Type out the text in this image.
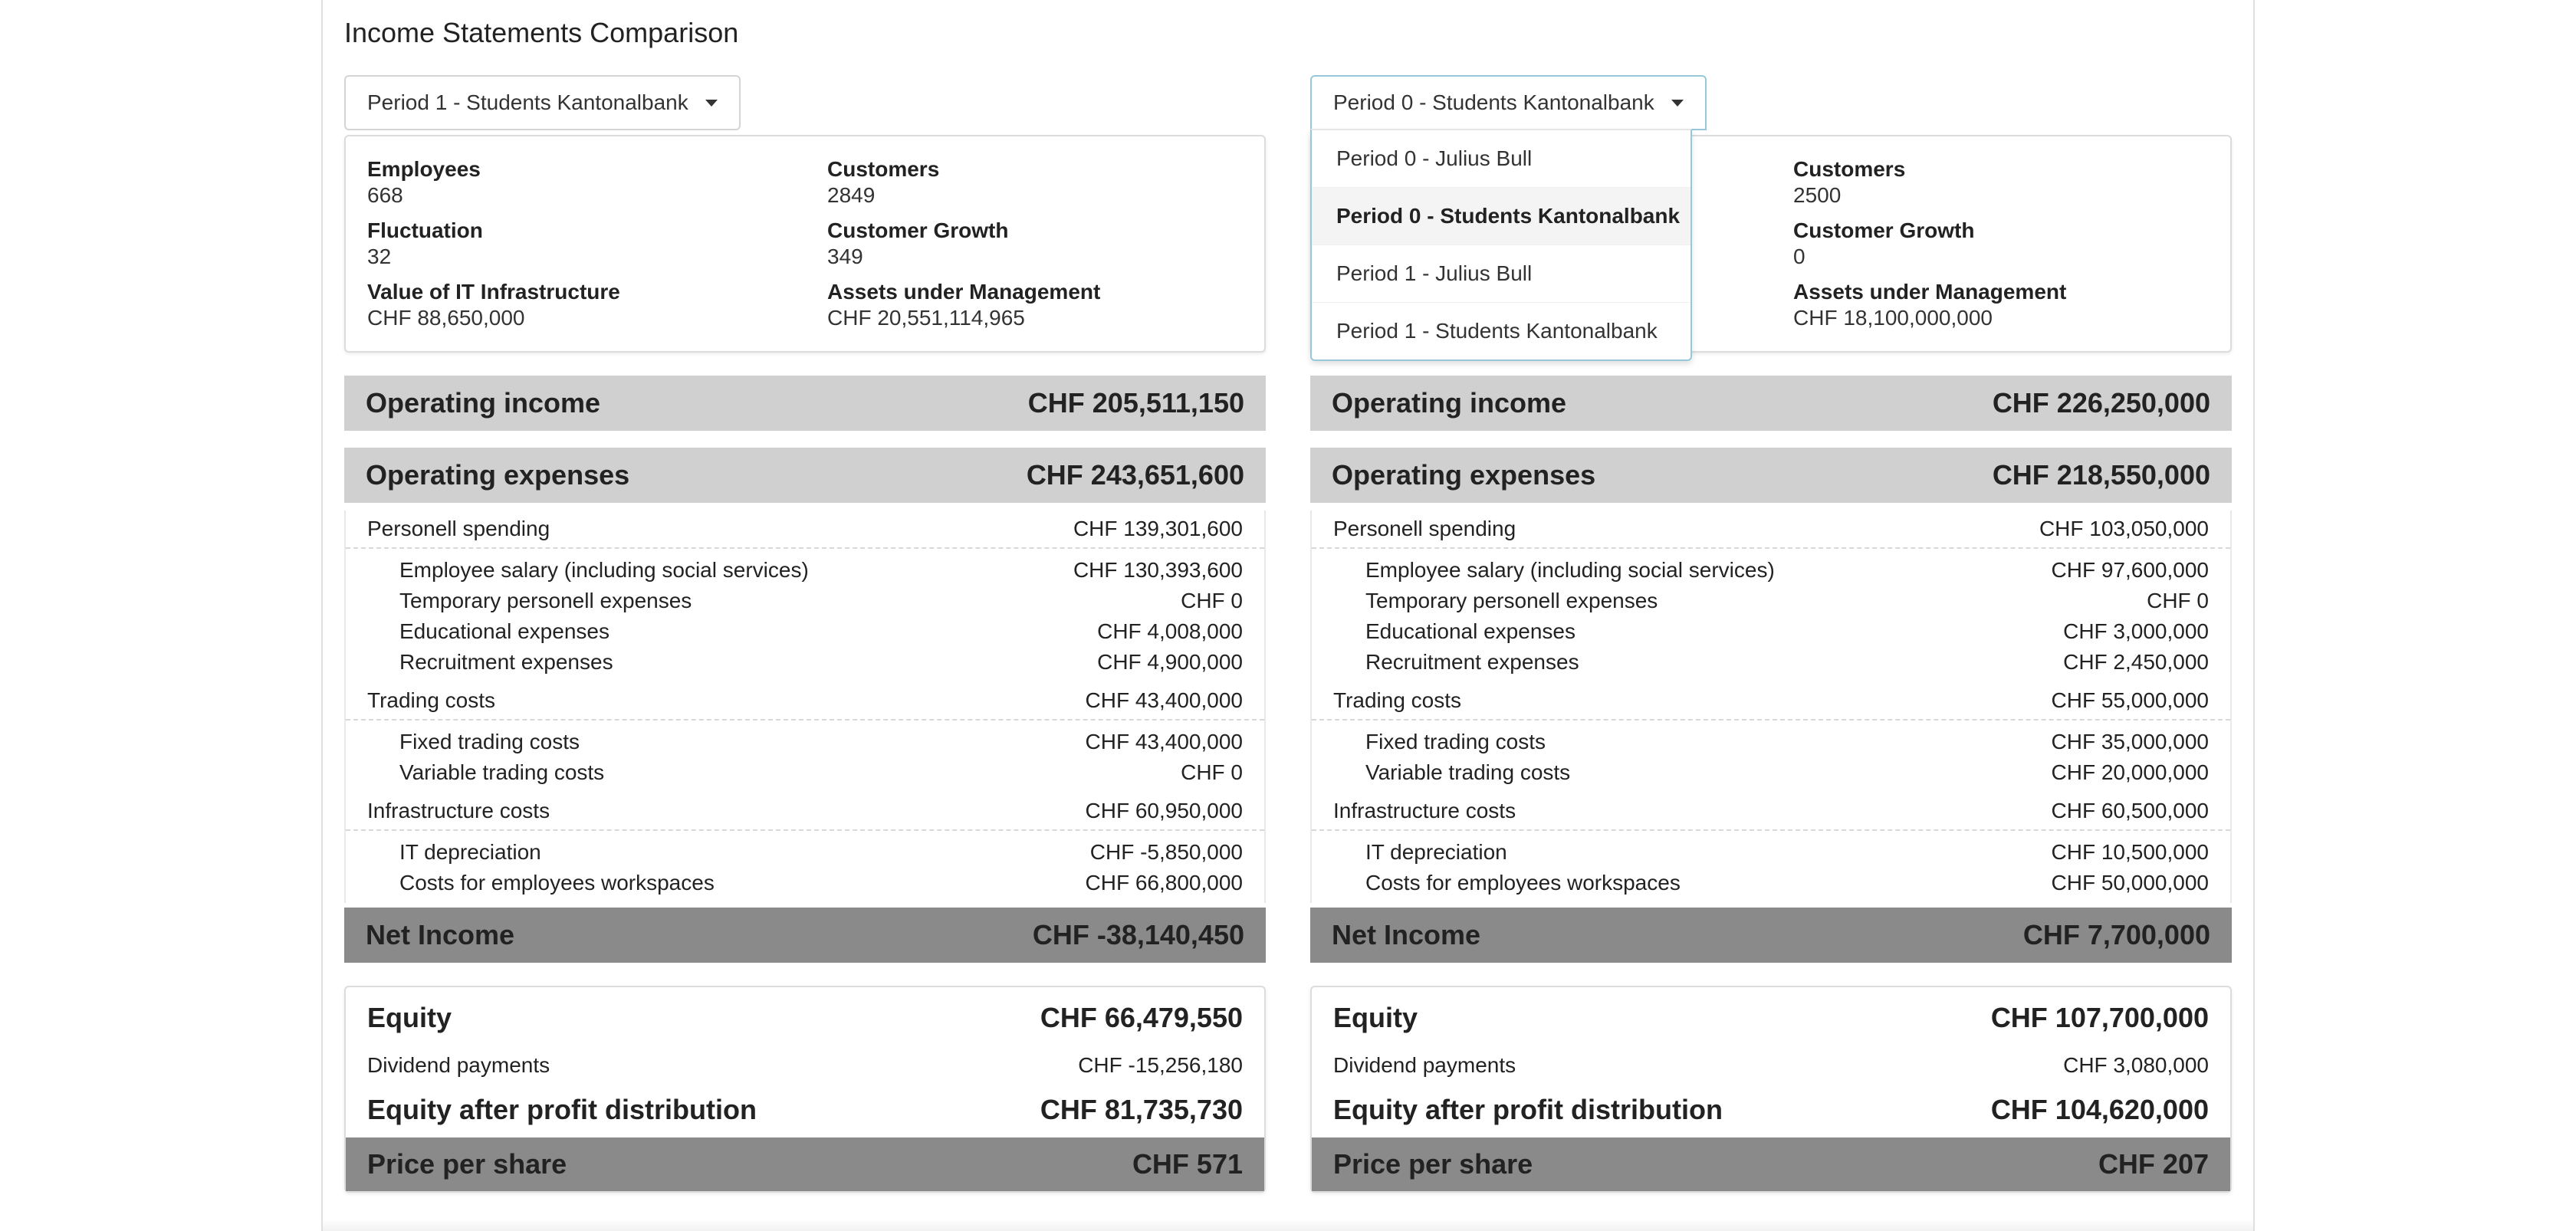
Income Statements Comparison
Period 1 - Students Kantonalbank
Employees
668
Customers
2849
Fluctuation
32
Customer Growth
349
Value of IT Infrastructure
CHF 88,650,000
Assets under Management
CHF 20,551,114,965
Operating income	CHF 205,511,150
Operating expenses	CHF 243,651,600
Personell spending	CHF 139,301,600
Employee salary (including social services)	CHF 130,393,600
Temporary personell expenses	CHF 0
Educational expenses	CHF 4,008,000
Recruitment expenses	CHF 4,900,000
Trading costs	CHF 43,400,000
Fixed trading costs	CHF 43,400,000
Variable trading costs	CHF 0
Infrastructure costs	CHF 60,950,000
IT depreciation	CHF -5,850,000
Costs for employees workspaces	CHF 66,800,000
Net Income	CHF -38,140,450
Equity	CHF 66,479,550
Dividend payments	CHF -15,256,180
Equity after profit distribution	CHF 81,735,730
Price per share	CHF 571
Period 0 - Students Kantonalbank
Period 0 - Julius Bull
Period 0 - Students Kantonalbank
Period 1 - Julius Bull
Period 1 - Students Kantonalbank
Customers
2500
Customer Growth
0
Assets under Management
CHF 18,100,000,000
Operating income	CHF 226,250,000
Operating expenses	CHF 218,550,000
Personell spending	CHF 103,050,000
Employee salary (including social services)	CHF 97,600,000
Temporary personell expenses	CHF 0
Educational expenses	CHF 3,000,000
Recruitment expenses	CHF 2,450,000
Trading costs	CHF 55,000,000
Fixed trading costs	CHF 35,000,000
Variable trading costs	CHF 20,000,000
Infrastructure costs	CHF 60,500,000
IT depreciation	CHF 10,500,000
Costs for employees workspaces	CHF 50,000,000
Net Income	CHF 7,700,000
Equity	CHF 107,700,000
Dividend payments	CHF 3,080,000
Equity after profit distribution	CHF 104,620,000
Price per share	CHF 207
